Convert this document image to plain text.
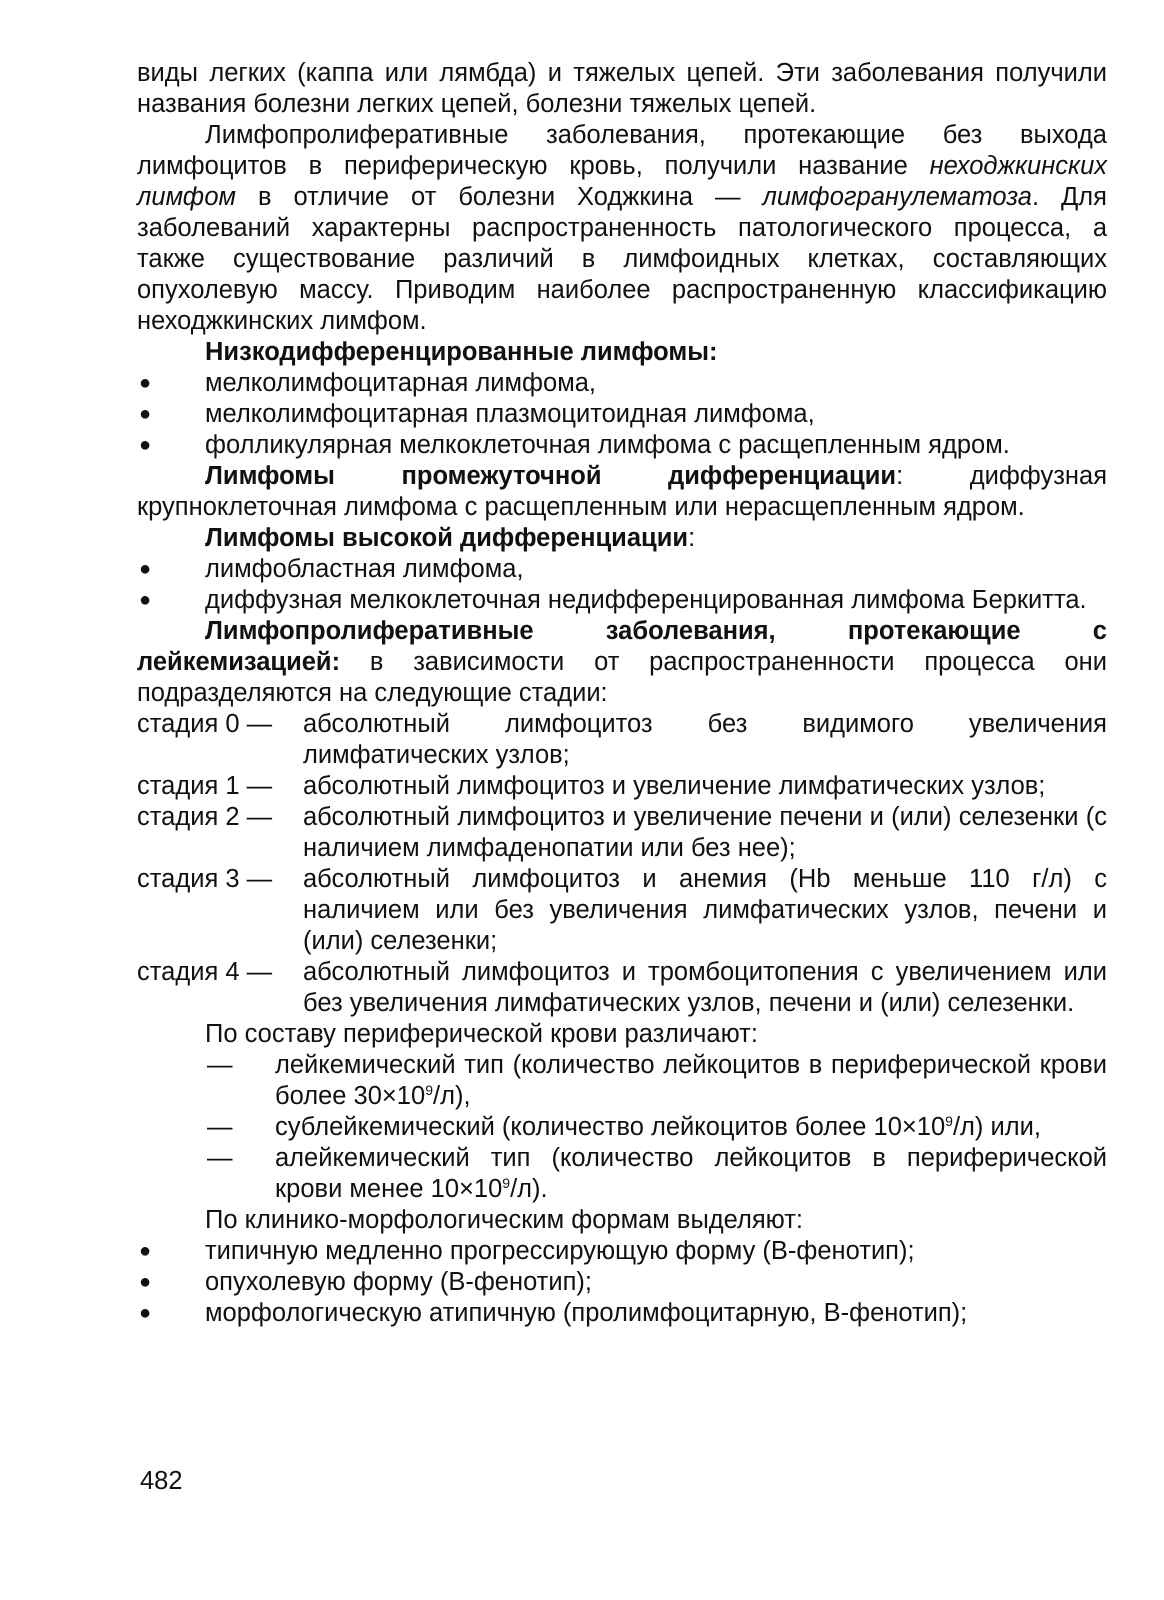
виды легких (каппа или лямбда) и тяжелых цепей. Эти заболевания получили названия болезни легких цепей, болезни тяжелых цепей.

Лимфопролиферативные заболевания, протекающие без выхода лимфоцитов в периферическую кровь, получили название неходжкинских лимфом в отличие от болезни Ходжкина — лимфогранулематоза. Для заболеваний характерны распространенность патологического процесса, а также существование различий в лимфоидных клетках, составляющих опухолевую массу. Приводим наиболее распространенную классификацию неходжкинских лимфом.

Низкодифференцированные лимфомы:

● мелколимфоцитарная лимфома,
● мелколимфоцитарная плазмоцитоидная лимфома,
● фолликулярная мелкоклеточная лимфома с расщепленным ядром.

Лимфомы промежуточной дифференциации: диффузная крупноклеточная лимфома с расщепленным или нерасщепленным ядром.

Лимфомы высокой дифференциации:

● лимфобластная лимфома,
● диффузная мелкоклеточная недифференцированная лимфома Беркитта.

Лимфопролиферативные заболевания, протекающие с лейкемизацией: в зависимости от распространенности процесса они подразделяются на следующие стадии:

стадия 0 —	абсолютный лимфоцитоз без видимого увеличения лимфатических узлов;
стадия 1 —	абсолютный лимфоцитоз и увеличение лимфатических узлов;
стадия 2 —	абсолютный лимфоцитоз и увеличение печени и (или) селезенки (с наличием лимфаденопатии или без нее);
стадия 3 —	абсолютный лимфоцитоз и анемия (Hb меньше 110 г/л) с наличием или без увеличения лимфатических узлов, печени и (или) селезенки;
стадия 4 —	абсолютный лимфоцитоз и тромбоцитопения с увеличением или без увеличения лимфатических узлов, печени и (или) селезенки.

По составу периферической крови различают:

— лейкемический тип (количество лейкоцитов в периферической крови более $30\times 10^9/л$),
— сублейкемический (количество лейкоцитов более $10\times 10^9/л$) или,
— алейкемический тип (количество лейкоцитов в периферической крови менее $10\times 10^9/л$).

По клинико-морфологическим формам выделяют:

● типичную медленно прогрессирующую форму (В-фенотип);
● опухолевую форму (В-фенотип);
● морфологическую атипичную (пролимфоцитарную, В-фенотип);
482
